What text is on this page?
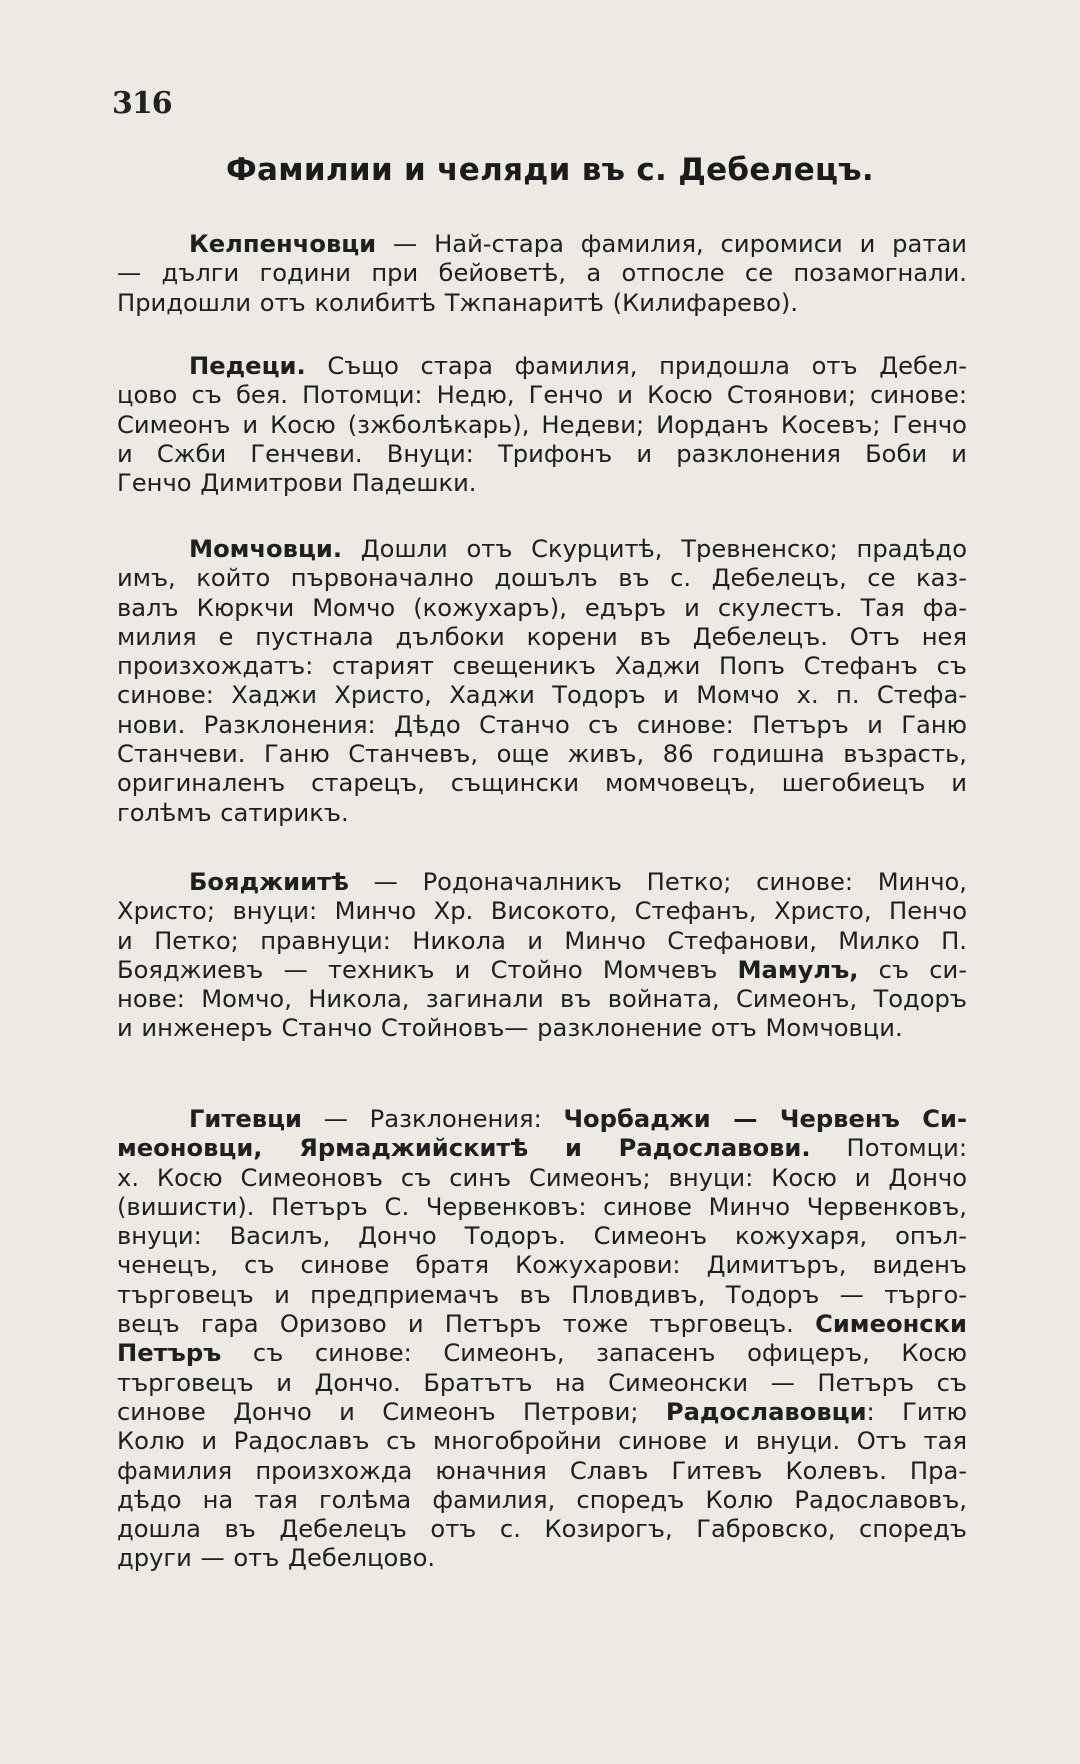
316
Фамилии и челяди въ с. Дебелецъ.

Келпенчовци — Най-стара фамилия, сиромиси и ратаи

— дълги години при бейоветѣ, а отпосле се позамогнали.

Придошли отъ колибитѣ Тжпанаритѣ (Килифарево).

Педеци. Също стара фамилия, придошла отъ Дебел-

цово съ бея. Потомци: Недю, Генчо и Косю Стоянови; синове:

Симеонъ и Косю (зжболѣкарь), Недеви; Иорданъ Косевъ; Генчо

и Сжби Генчеви. Внуци: Трифонъ и разклонения Боби и

Генчо Димитрови Падешки.

Момчовци. Дошли отъ Скурцитѣ, Тревненско; прадѣдо

имъ, който първоначално дошълъ въ с. Дебелецъ, се каз-

валъ Кюркчи Момчо (кожухаръ), едъръ и скулестъ. Тая фа-

милия е пустнала дълбоки корени въ Дебелецъ. Отъ нея

произхождатъ: старият свещеникъ Хаджи Попъ Стефанъ съ

синове: Хаджи Христо, Хаджи Тодоръ и Момчо х. п. Стефа-

нови. Разклонения: Дѣдо Станчо съ синове: Петъръ и Ганю

Станчеви. Ганю Станчевъ, още живъ, 86 годишна възрасть,

оригиналенъ старецъ, същински момчовецъ, шегобиецъ и

голѣмъ сатирикъ.

Бояджиитѣ — Родоначалникъ Петко; синове: Минчо,

Христо; внуци: Минчо Хр. Високото, Стефанъ, Христо, Пенчо

и Петко; правнуци: Никола и Минчо Стефанови, Милко П.

Бояджиевъ — техникъ и Стойно Момчевъ Мамулъ, съ си-

нове: Момчо, Никола, загинали въ войната, Симеонъ, Тодоръ

и инженеръ Станчо Стойновъ— разклонение отъ Момчовци.

Гитевци — Разклонения: Чорбаджи — Червенъ Си-

меоновци, Ярмаджийскитѣ и Радославови. Потомци:

х. Косю Симеоновъ съ синъ Симеонъ; внуци: Косю и Дончо

(вишисти). Петъръ С. Червенковъ: синове Минчо Червенковъ,

внуци: Василъ, Дончо Тодоръ. Симеонъ кожухаря, опъл-

ченецъ, съ синове братя Кожухарови: Димитъръ, виденъ

търговецъ и предприемачъ въ Пловдивъ, Тодоръ — търго-

вецъ гара Оризово и Петъръ тоже търговецъ. Симеонски

Петъръ съ синове: Симеонъ, запасенъ офицеръ, Косю

търговецъ и Дончо. Братътъ на Симеонски — Петъръ съ

синове Дончо и Симеонъ Петрови; Радославовци: Гитю

Колю и Радославъ съ многобройни синове и внуци. Отъ тая

фамилия произхожда юначния Славъ Гитевъ Колевъ. Пра-

дѣдо на тая голѣма фамилия, споредъ Колю Радославовъ,

дошла въ Дебелецъ отъ с. Козирогъ, Габровско, споредъ

други — отъ Дебелцово.
